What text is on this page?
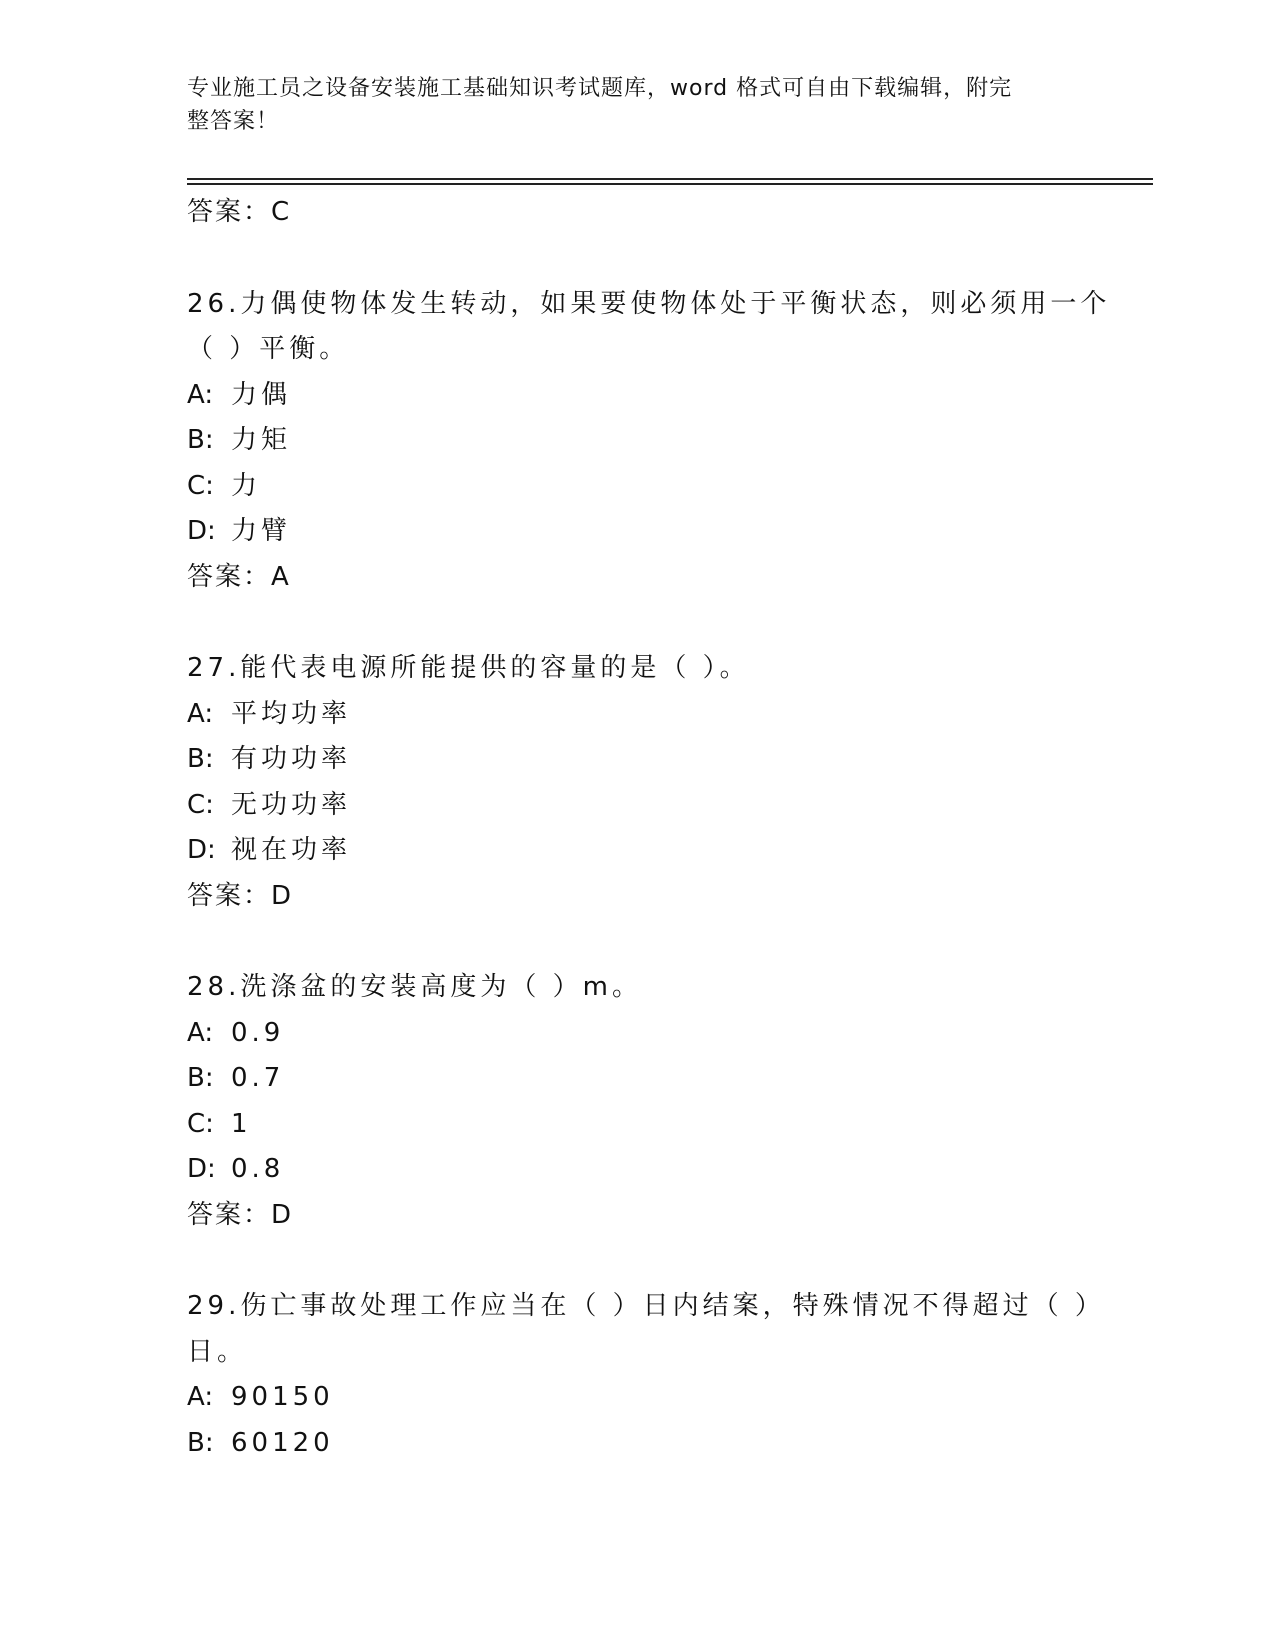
专业施工员之设备安装施工基础知识考试题库，word 格式可自由下载编辑，附完
整答案！
答案：C
26.力偶使物体发生转动，如果要使物体处于平衡状态，则必须用一个
（ ）平衡。
A: 力偶
B: 力矩
C: 力
D: 力臂
答案：A
27.能代表电源所能提供的容量的是（ ）。
A: 平均功率
B: 有功功率
C: 无功功率
D: 视在功率
答案：D
28.洗涤盆的安装高度为（ ）m。
A: 0.9
B: 0.7
C: 1
D: 0.8
答案：D
29.伤亡事故处理工作应当在（ ）日内结案，特殊情况不得超过（ ）
日。
A: 90150
B: 60120
